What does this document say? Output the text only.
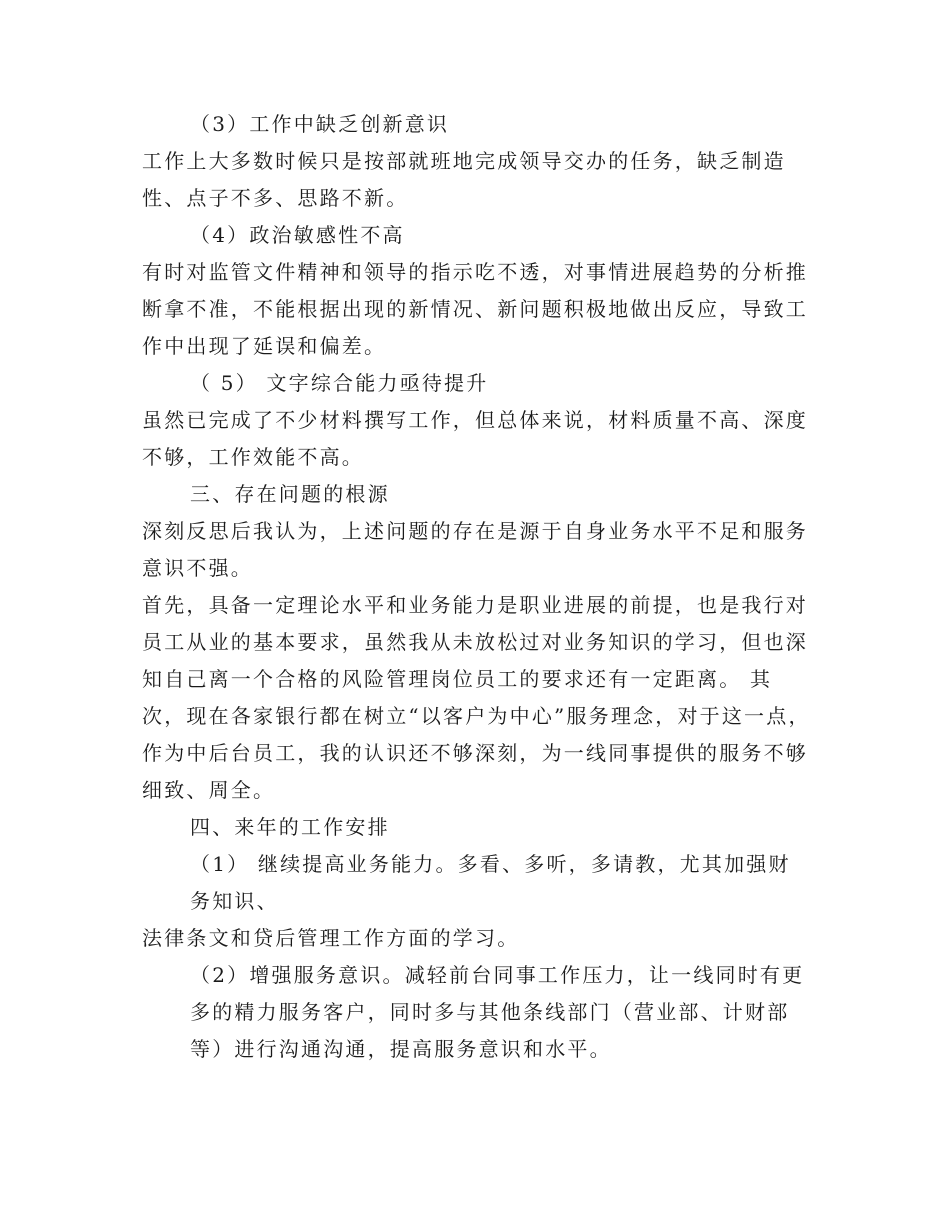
（3）工作中缺乏创新意识

工作上大多数时候只是按部就班地完成领导交办的任务，缺乏制造性、点子不多、思路不新。

（4）政治敏感性不高

有时对监管文件精神和领导的指示吃不透，对事情进展趋势的分析推断拿不准，不能根据出现的新情况、新问题积极地做出反应，导致工作中出现了延误和偏差。

（ 5） 文字综合能力亟待提升

虽然已完成了不少材料撰写工作，但总体来说，材料质量不高、深度不够，工作效能不高。

三、存在问题的根源

深刻反思后我认为，上述问题的存在是源于自身业务水平不足和服务意识不强。

首先，具备一定理论水平和业务能力是职业进展的前提，也是我行对员工从业的基本要求，虽然我从未放松过对业务知识的学习，但也深知自己离一个合格的风险管理岗位员工的要求还有一定距离。 其次，现在各家银行都在树立“以客户为中心”服务理念，对于这一点，作为中后台员工，我的认识还不够深刻，为一线同事提供的服务不够细致、周全。

四、来年的工作安排

（1） 继续提高业务能力。多看、多听，多请教，尤其加强财务知识、

法律条文和贷后管理工作方面的学习。

（2）增强服务意识。减轻前台同事工作压力，让一线同时有更多的精力服务客户，同时多与其他条线部门（营业部、计财部等）进行沟通沟通，提高服务意识和水平。
